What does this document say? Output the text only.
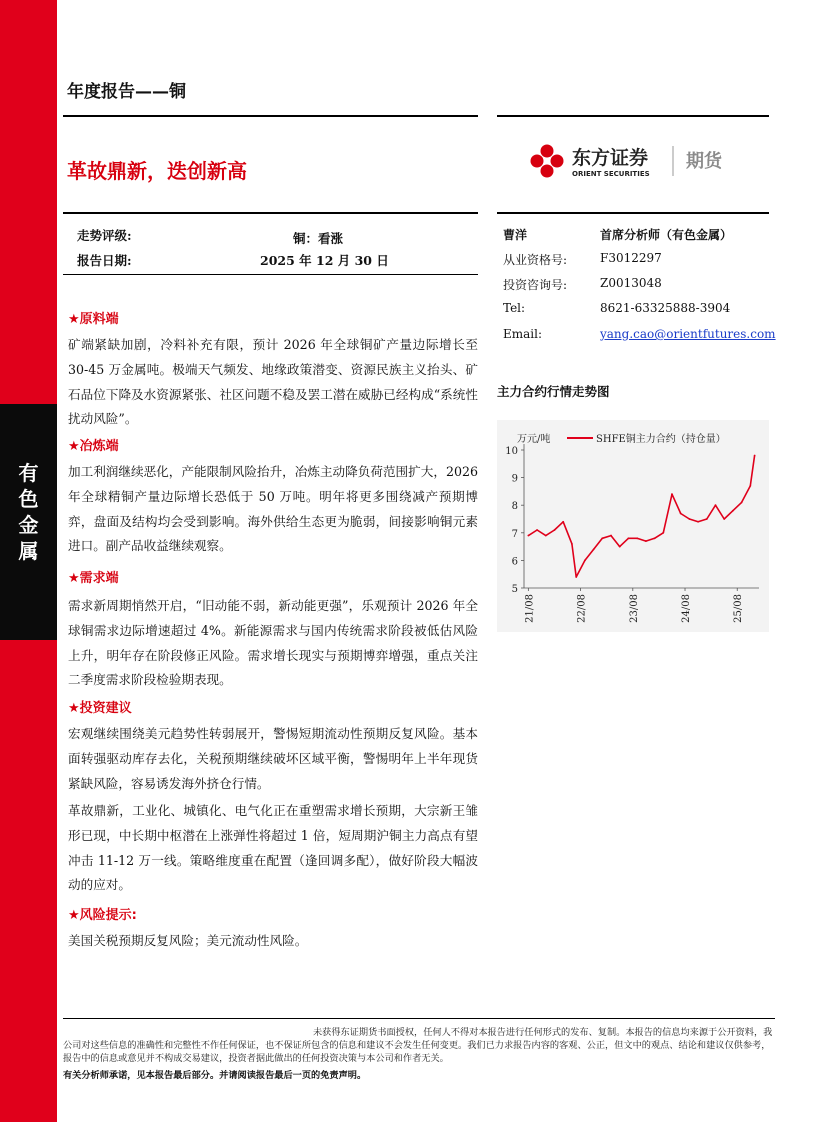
有
色
金
属
年度报告——铜
革故鼎新，迭创新高
东方证券
ORIENT SECURITIES
期货
走势评级:	铜：看涨
报告日期:	2025 年 12 月 30 日
曹洋	首席分析师（有色金属）
从业资格号:	F3012297
投资咨询号:	Z0013048
Tel:	8621-63325888-3904
Email:	yang.cao@orientfutures.com
★原料端
矿端紧缺加剧，冷料补充有限，预计 2026 年全球铜矿产量边际增长至 30-45 万金属吨。极端天气频发、地缘政策潜变、资源民族主义抬头、矿石品位下降及水资源紧张、社区问题不稳及罢工潜在威胁已经构成“系统性扰动风险”。
★冶炼端
加工利润继续恶化，产能限制风险抬升，冶炼主动降负荷范围扩大，2026 年全球精铜产量边际增长恐低于 50 万吨。明年将更多围绕减产预期博弈，盘面及结构均会受到影响。海外供给生态更为脆弱，间接影响铜元素进口。副产品收益继续观察。
★需求端
需求新周期悄然开启，“旧动能不弱，新动能更强”，乐观预计 2026 年全球铜需求边际增速超过 4%。新能源需求与国内传统需求阶段被低估风险上升，明年存在阶段修正风险。需求增长现实与预期博弈增强，重点关注二季度需求阶段检验期表现。
★投资建议
宏观继续围绕美元趋势性转弱展开，警惕短期流动性预期反复风险。基本面转强驱动库存去化，关税预期继续破坏区域平衡，警惕明年上半年现货紧缺风险，容易诱发海外挤仓行情。
革故鼎新，工业化、城镇化、电气化正在重塑需求增长预期，大宗新王雏形已现，中长期中枢潜在上涨弹性将超过 1 倍，短周期沪铜主力高点有望冲击 11-12 万一线。策略维度重在配置（逢回调多配），做好阶段大幅波动的应对。
★风险提示:
美国关税预期反复风险；美元流动性风险。
主力合约行情走势图
万元/吨	SHFE铜主力合约（持仓量）
5
6
7
8
9
10
21/08	22/08	23/08	24/08	25/08
未获得东证期货书面授权，任何人不得对本报告进行任何形式的发布、复制。本报告的信息均来源于公开资料，我公司对这些信息的准确性和完整性不作任何保证，也不保证所包含的信息和建议不会发生任何变更。我们已力求报告内容的客观、公正，但文中的观点、结论和建议仅供参考，报告中的信息或意见并不构成交易建议，投资者据此做出的任何投资决策与本公司和作者无关。
有关分析师承诺，见本报告最后部分。并请阅读报告最后一页的免责声明。
